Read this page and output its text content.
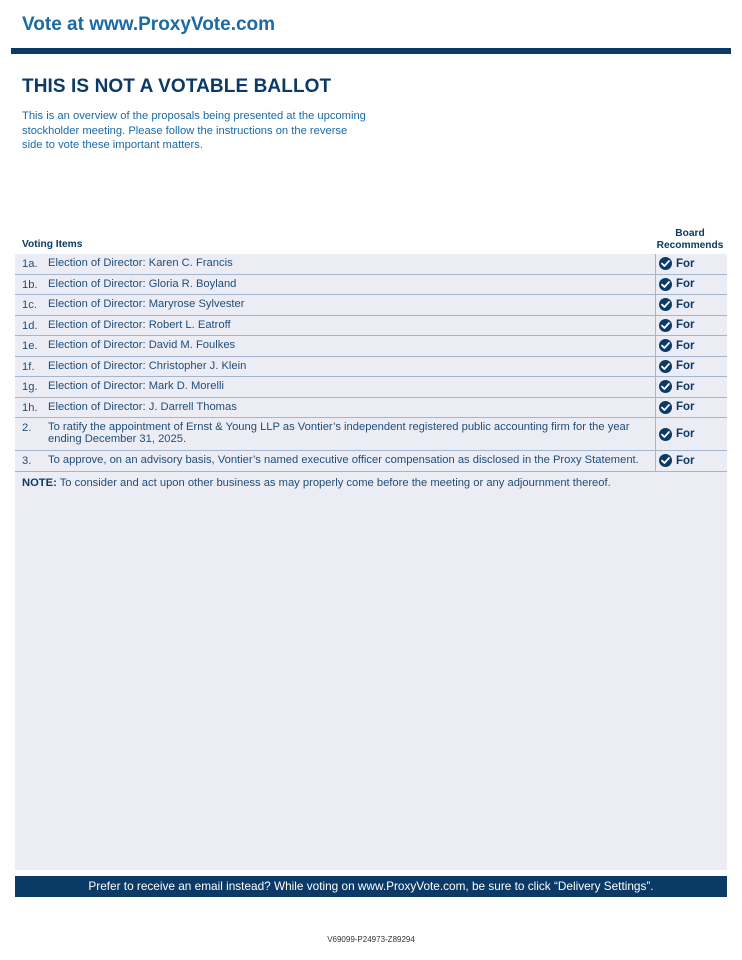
Vote at www.ProxyVote.com
THIS IS NOT A VOTABLE BALLOT
This is an overview of the proposals being presented at the upcoming stockholder meeting. Please follow the instructions on the reverse side to vote these important matters.
Voting Items
Board
Recommends
1a. Election of Director: Karen C. Francis	For
1b. Election of Director: Gloria R. Boyland	For
1c. Election of Director: Maryrose Sylvester	For
1d. Election of Director: Robert L. Eatroff	For
1e. Election of Director: David M. Foulkes	For
1f.	Election of Director: Christopher J. Klein	For
1g. Election of Director: Mark D. Morelli	For
1h. Election of Director: J. Darrell Thomas	For
2.	To ratify the appointment of Ernst & Young LLP as Vontier’s independent registered public accounting firm for the year ending December 31, 2025.	For
3.	To approve, on an advisory basis, Vontier’s named executive officer compensation as disclosed in the Proxy Statement.	For
NOTE: To consider and act upon other business as may properly come before the meeting or any adjournment thereof.
Prefer to receive an email instead? While voting on www.ProxyVote.com, be sure to click “Delivery Settings”.
V69099-P24973-Z89294
